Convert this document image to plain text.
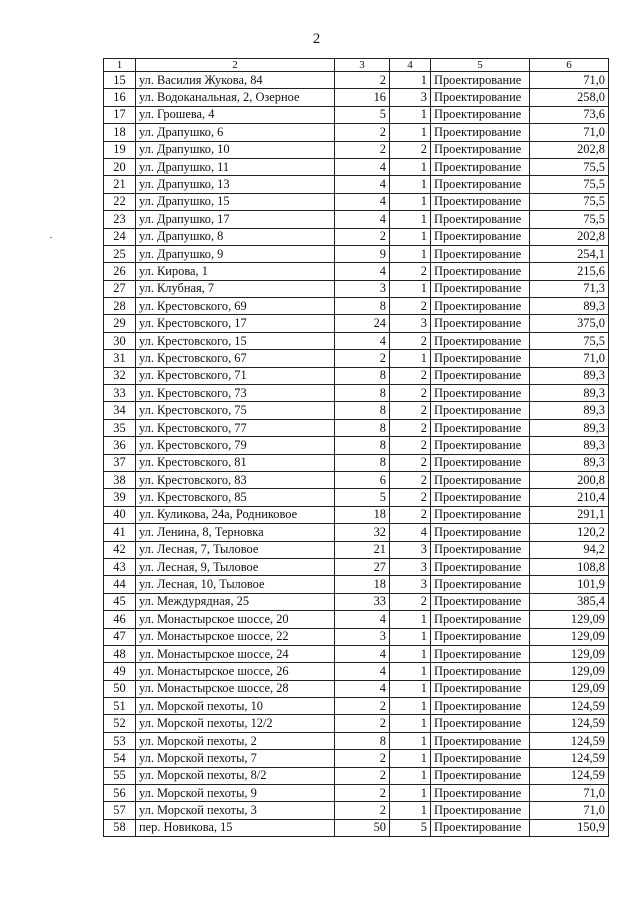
2
1	2	3	4	5	6
15	ул. Василия Жукова, 84	2	1	Проектирование	71,0
16	ул. Водоканальная, 2, Озерное	16	3	Проектирование	258,0
17	ул. Грошева, 4	5	1	Проектирование	73,6
18	ул. Драпушко, 6	2	1	Проектирование	71,0
19	ул. Драпушко, 10	2	2	Проектирование	202,8
20	ул. Драпушко, 11	4	1	Проектирование	75,5
21	ул. Драпушко, 13	4	1	Проектирование	75,5
22	ул. Драпушко, 15	4	1	Проектирование	75,5
23	ул. Драпушко, 17	4	1	Проектирование	75,5
24	ул. Драпушко, 8	2	1	Проектирование	202,8
25	ул. Драпушко, 9	9	1	Проектирование	254,1
26	ул. Кирова, 1	4	2	Проектирование	215,6
27	ул. Клубная, 7	3	1	Проектирование	71,3
28	ул. Крестовского, 69	8	2	Проектирование	89,3
29	ул. Крестовского, 17	24	3	Проектирование	375,0
30	ул. Крестовского, 15	4	2	Проектирование	75,5
31	ул. Крестовского, 67	2	1	Проектирование	71,0
32	ул. Крестовского, 71	8	2	Проектирование	89,3
33	ул. Крестовского, 73	8	2	Проектирование	89,3
34	ул. Крестовского, 75	8	2	Проектирование	89,3
35	ул. Крестовского, 77	8	2	Проектирование	89,3
36	ул. Крестовского, 79	8	2	Проектирование	89,3
37	ул. Крестовского, 81	8	2	Проектирование	89,3
38	ул. Крестовского, 83	6	2	Проектирование	200,8
39	ул. Крестовского, 85	5	2	Проектирование	210,4
40	ул. Куликова, 24а, Родниковое	18	2	Проектирование	291,1
41	ул. Ленина, 8, Терновка	32	4	Проектирование	120,2
42	ул. Лесная, 7, Тыловое	21	3	Проектирование	94,2
43	ул. Лесная, 9, Тыловое	27	3	Проектирование	108,8
44	ул. Лесная, 10, Тыловое	18	3	Проектирование	101,9
45	ул. Междурядная, 25	33	2	Проектирование	385,4
46	ул. Монастырское шоссе, 20	4	1	Проектирование	129,09
47	ул. Монастырское шоссе, 22	3	1	Проектирование	129,09
48	ул. Монастырское шоссе, 24	4	1	Проектирование	129,09
49	ул. Монастырское шоссе, 26	4	1	Проектирование	129,09
50	ул. Монастырское шоссе, 28	4	1	Проектирование	129,09
51	ул. Морской пехоты, 10	2	1	Проектирование	124,59
52	ул. Морской пехоты, 12/2	2	1	Проектирование	124,59
53	ул. Морской пехоты, 2	8	1	Проектирование	124,59
54	ул. Морской пехоты, 7	2	1	Проектирование	124,59
55	ул. Морской пехоты, 8/2	2	1	Проектирование	124,59
56	ул. Морской пехоты, 9	2	1	Проектирование	71,0
57	ул. Морской пехоты, 3	2	1	Проектирование	71,0
58	пер. Новикова, 15	50	5	Проектирование	150,9
